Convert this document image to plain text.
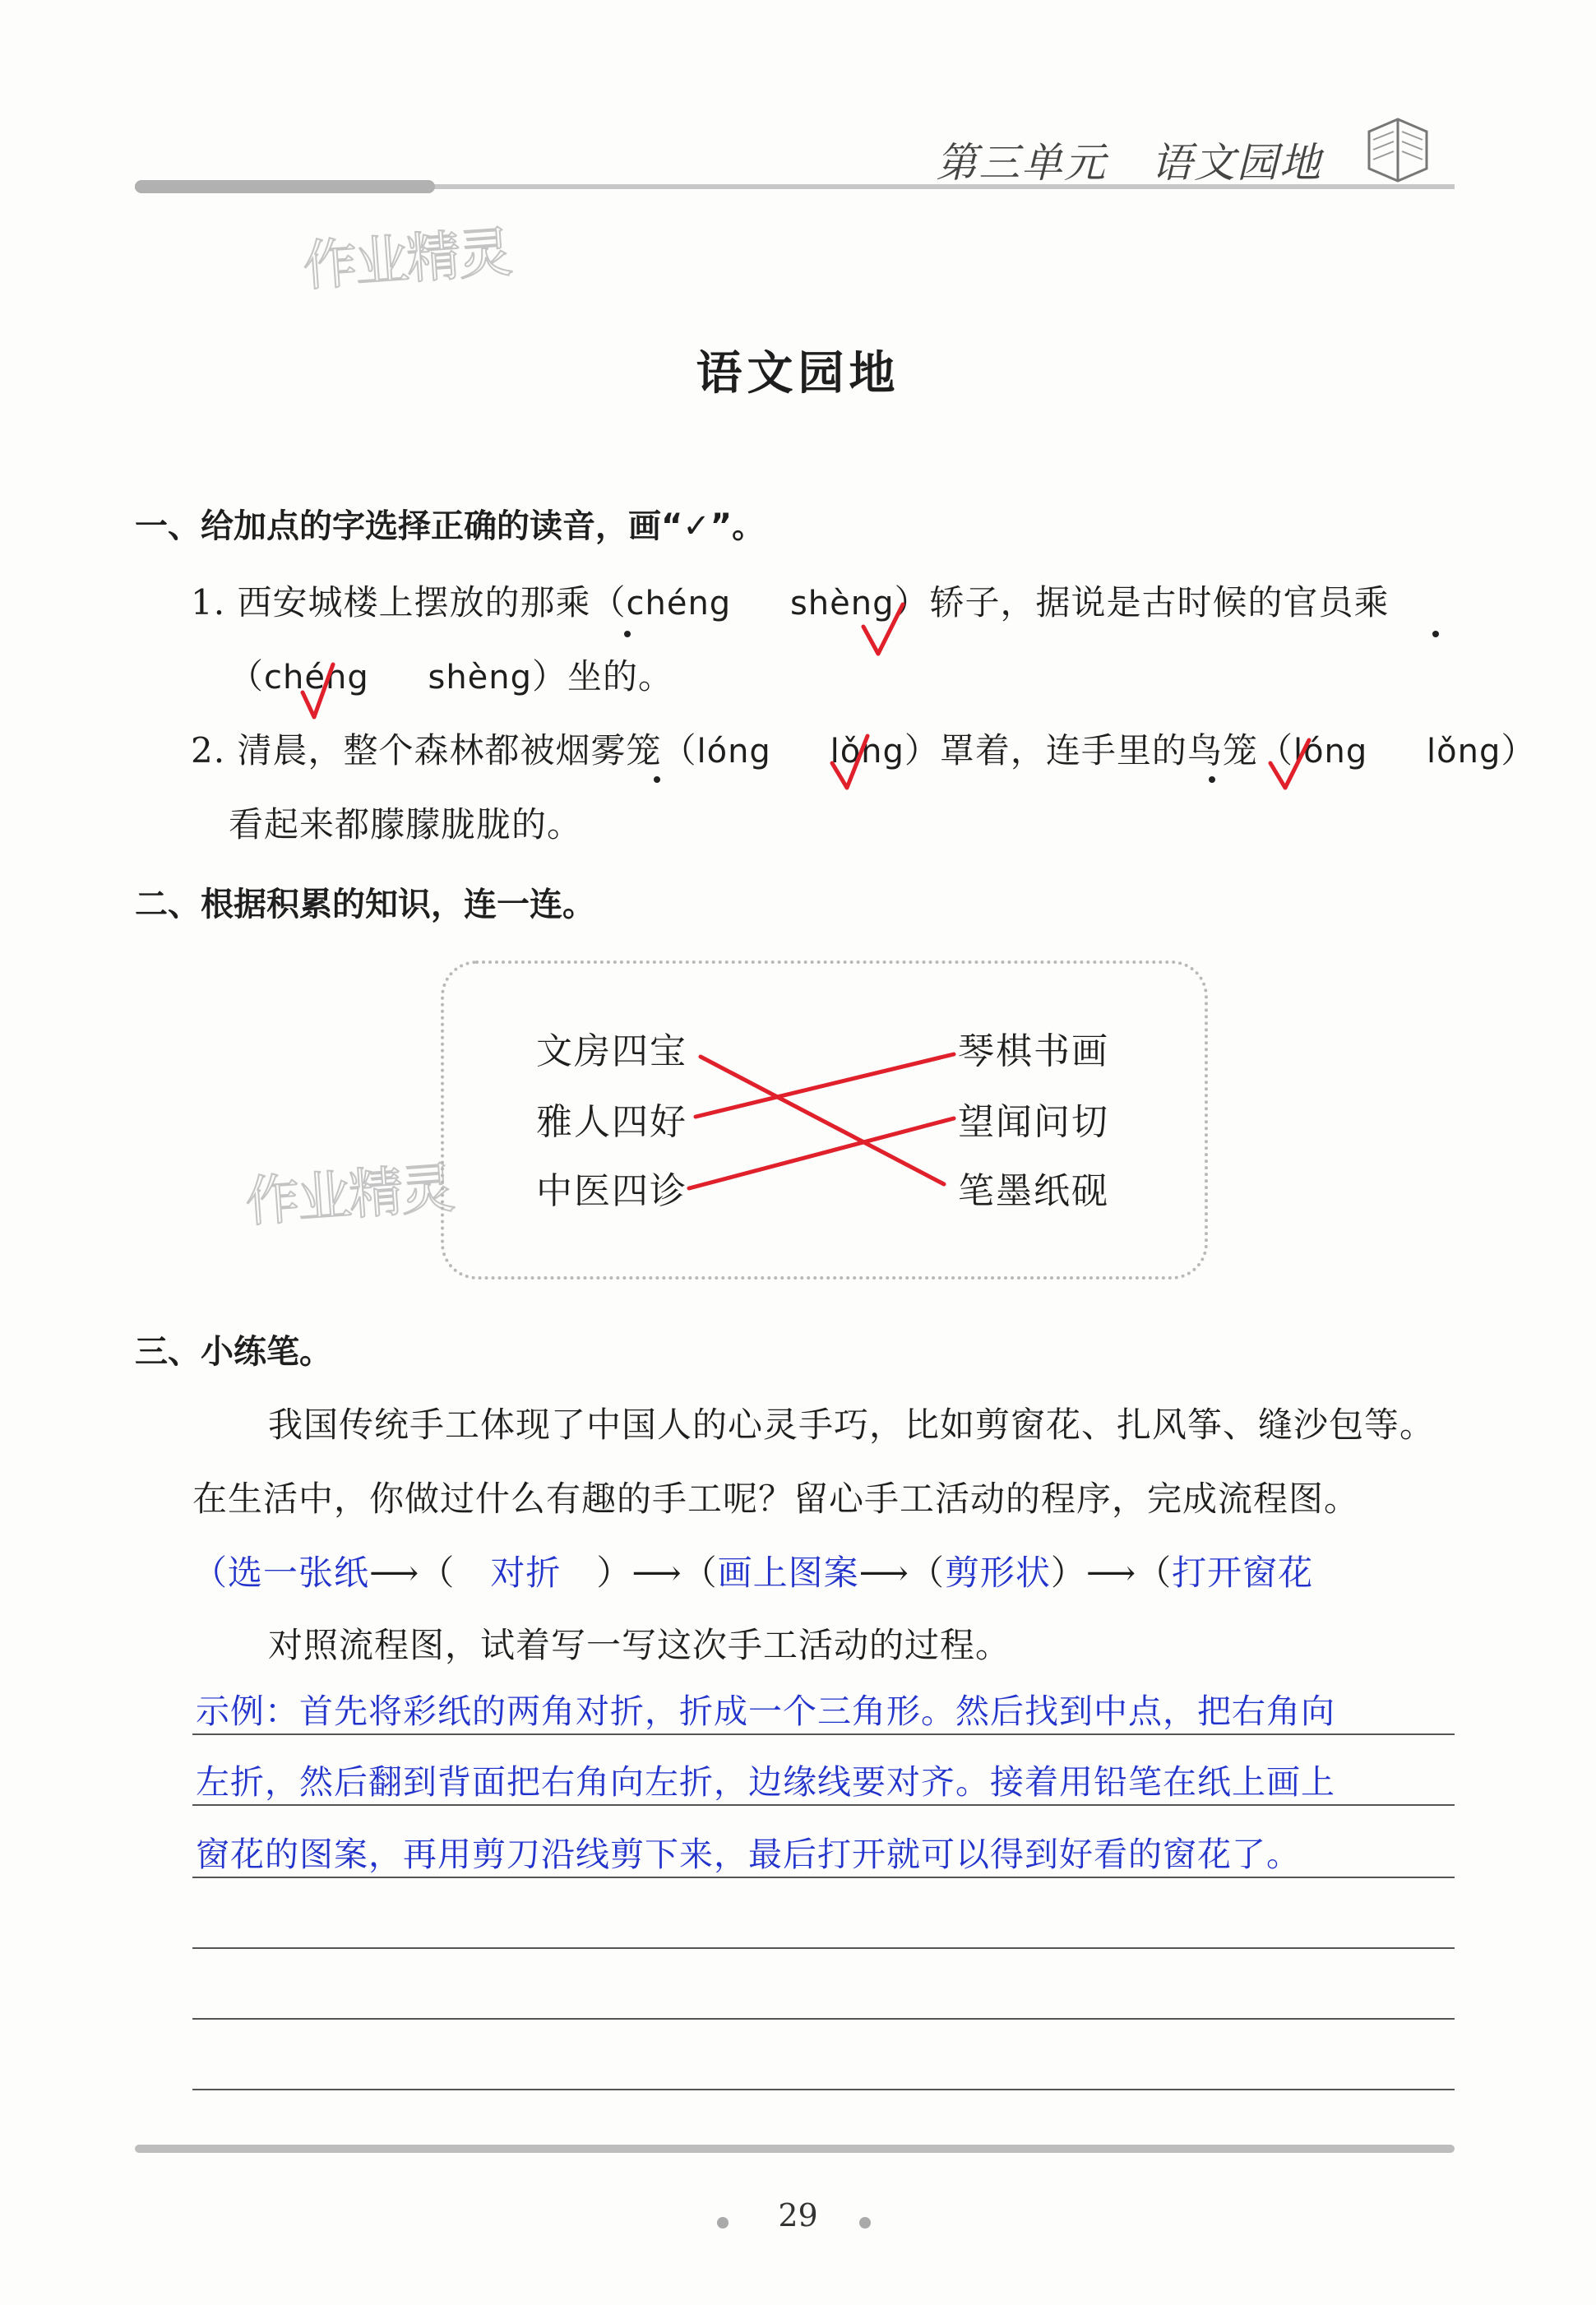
第三单元 语文园地
作业精灵
作业精灵
语文园地
一、给加点的字选择正确的读音，画“✓”。
1. 西安城楼上摆放的那乘（chéng shèng）轿子，据说是古时候的官员乘
（chéng shèng）坐的。
2. 清晨，整个森林都被烟雾笼（lóng lǒng）罩着，连手里的鸟笼（lóng lǒng）
看起来都朦朦胧胧的。
二、根据积累的知识，连一连。
文房四宝
雅人四好
中医四诊
琴棋书画
望闻问切
笔墨纸砚
三、小练笔。
我国传统手工体现了中国人的心灵手巧，比如剪窗花、扎风筝、缝沙包等。
在生活中，你做过什么有趣的手工呢？留心手工活动的程序，完成流程图。
（选一张纸⟶（ 对折 ）⟶（画上图案⟶（剪形状）⟶（打开窗花
对照流程图，试着写一写这次手工活动的过程。
示例：首先将彩纸的两角对折，折成一个三角形。然后找到中点，把右角向
左折，然后翻到背面把右角向左折，边缘线要对齐。接着用铅笔在纸上画上
窗花的图案，再用剪刀沿线剪下来，最后打开就可以得到好看的窗花了。
29
